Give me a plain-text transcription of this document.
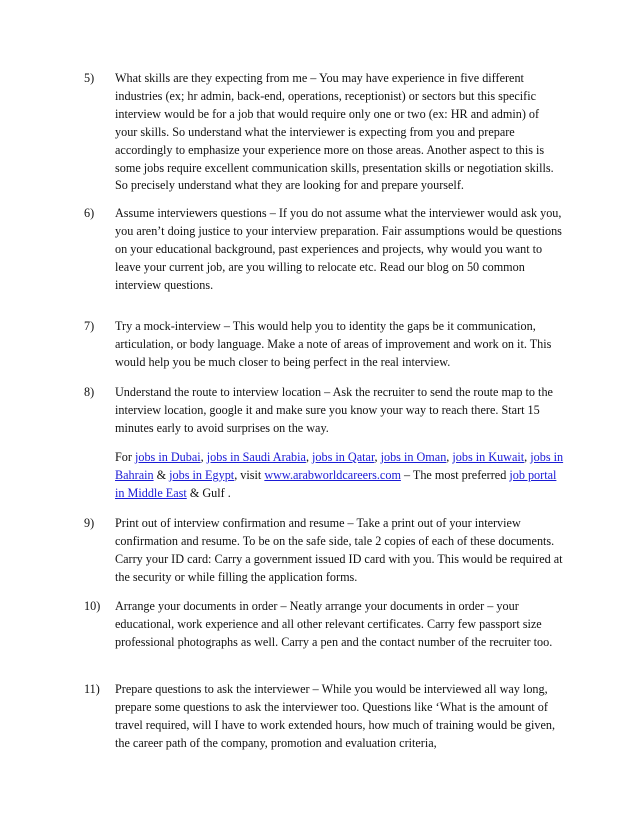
5) What skills are they expecting from me – You may have experience in five different industries (ex; hr admin, back-end, operations, receptionist) or sectors but this specific interview would be for a job that would require only one or two (ex: HR and admin) of your skills. So understand what the interviewer is expecting from you and prepare accordingly to emphasize your experience more on those areas. Another aspect to this is some jobs require excellent communication skills, presentation skills or negotiation skills. So precisely understand what they are looking for and prepare yourself.

6) Assume interviewers questions – If you do not assume what the interviewer would ask you, you aren’t doing justice to your interview preparation. Fair assumptions would be questions on your educational background, past experiences and projects, why would you want to leave your current job, are you willing to relocate etc. Read our blog on 50 common interview questions.

7) Try a mock-interview – This would help you to identity the gaps be it communication, articulation, or body language. Make a note of areas of improvement and work on it. This would help you be much closer to being perfect in the real interview.

8) Understand the route to interview location – Ask the recruiter to send the route map to the interview location, google it and make sure you know your way to reach there. Start 15 minutes early to avoid surprises on the way.

For jobs in Dubai, jobs in Saudi Arabia, jobs in Qatar, jobs in Oman, jobs in Kuwait, jobs in Bahrain & jobs in Egypt, visit www.arabworldcareers.com – The most preferred job portal in Middle East & Gulf .

9) Print out of interview confirmation and resume – Take a print out of your interview confirmation and resume. To be on the safe side, tale 2 copies of each of these documents. Carry your ID card: Carry a government issued ID card with you. This would be required at the security or while filling the application forms.

10) Arrange your documents in order – Neatly arrange your documents in order – your educational, work experience and all other relevant certificates. Carry few passport size professional photographs as well. Carry a pen and the contact number of the recruiter too.

11) Prepare questions to ask the interviewer – While you would be interviewed all way long, prepare some questions to ask the interviewer too. Questions like ‘What is the amount of travel required, will I have to work extended hours, how much of training would be given, the career path of the company, promotion and evaluation criteria,
